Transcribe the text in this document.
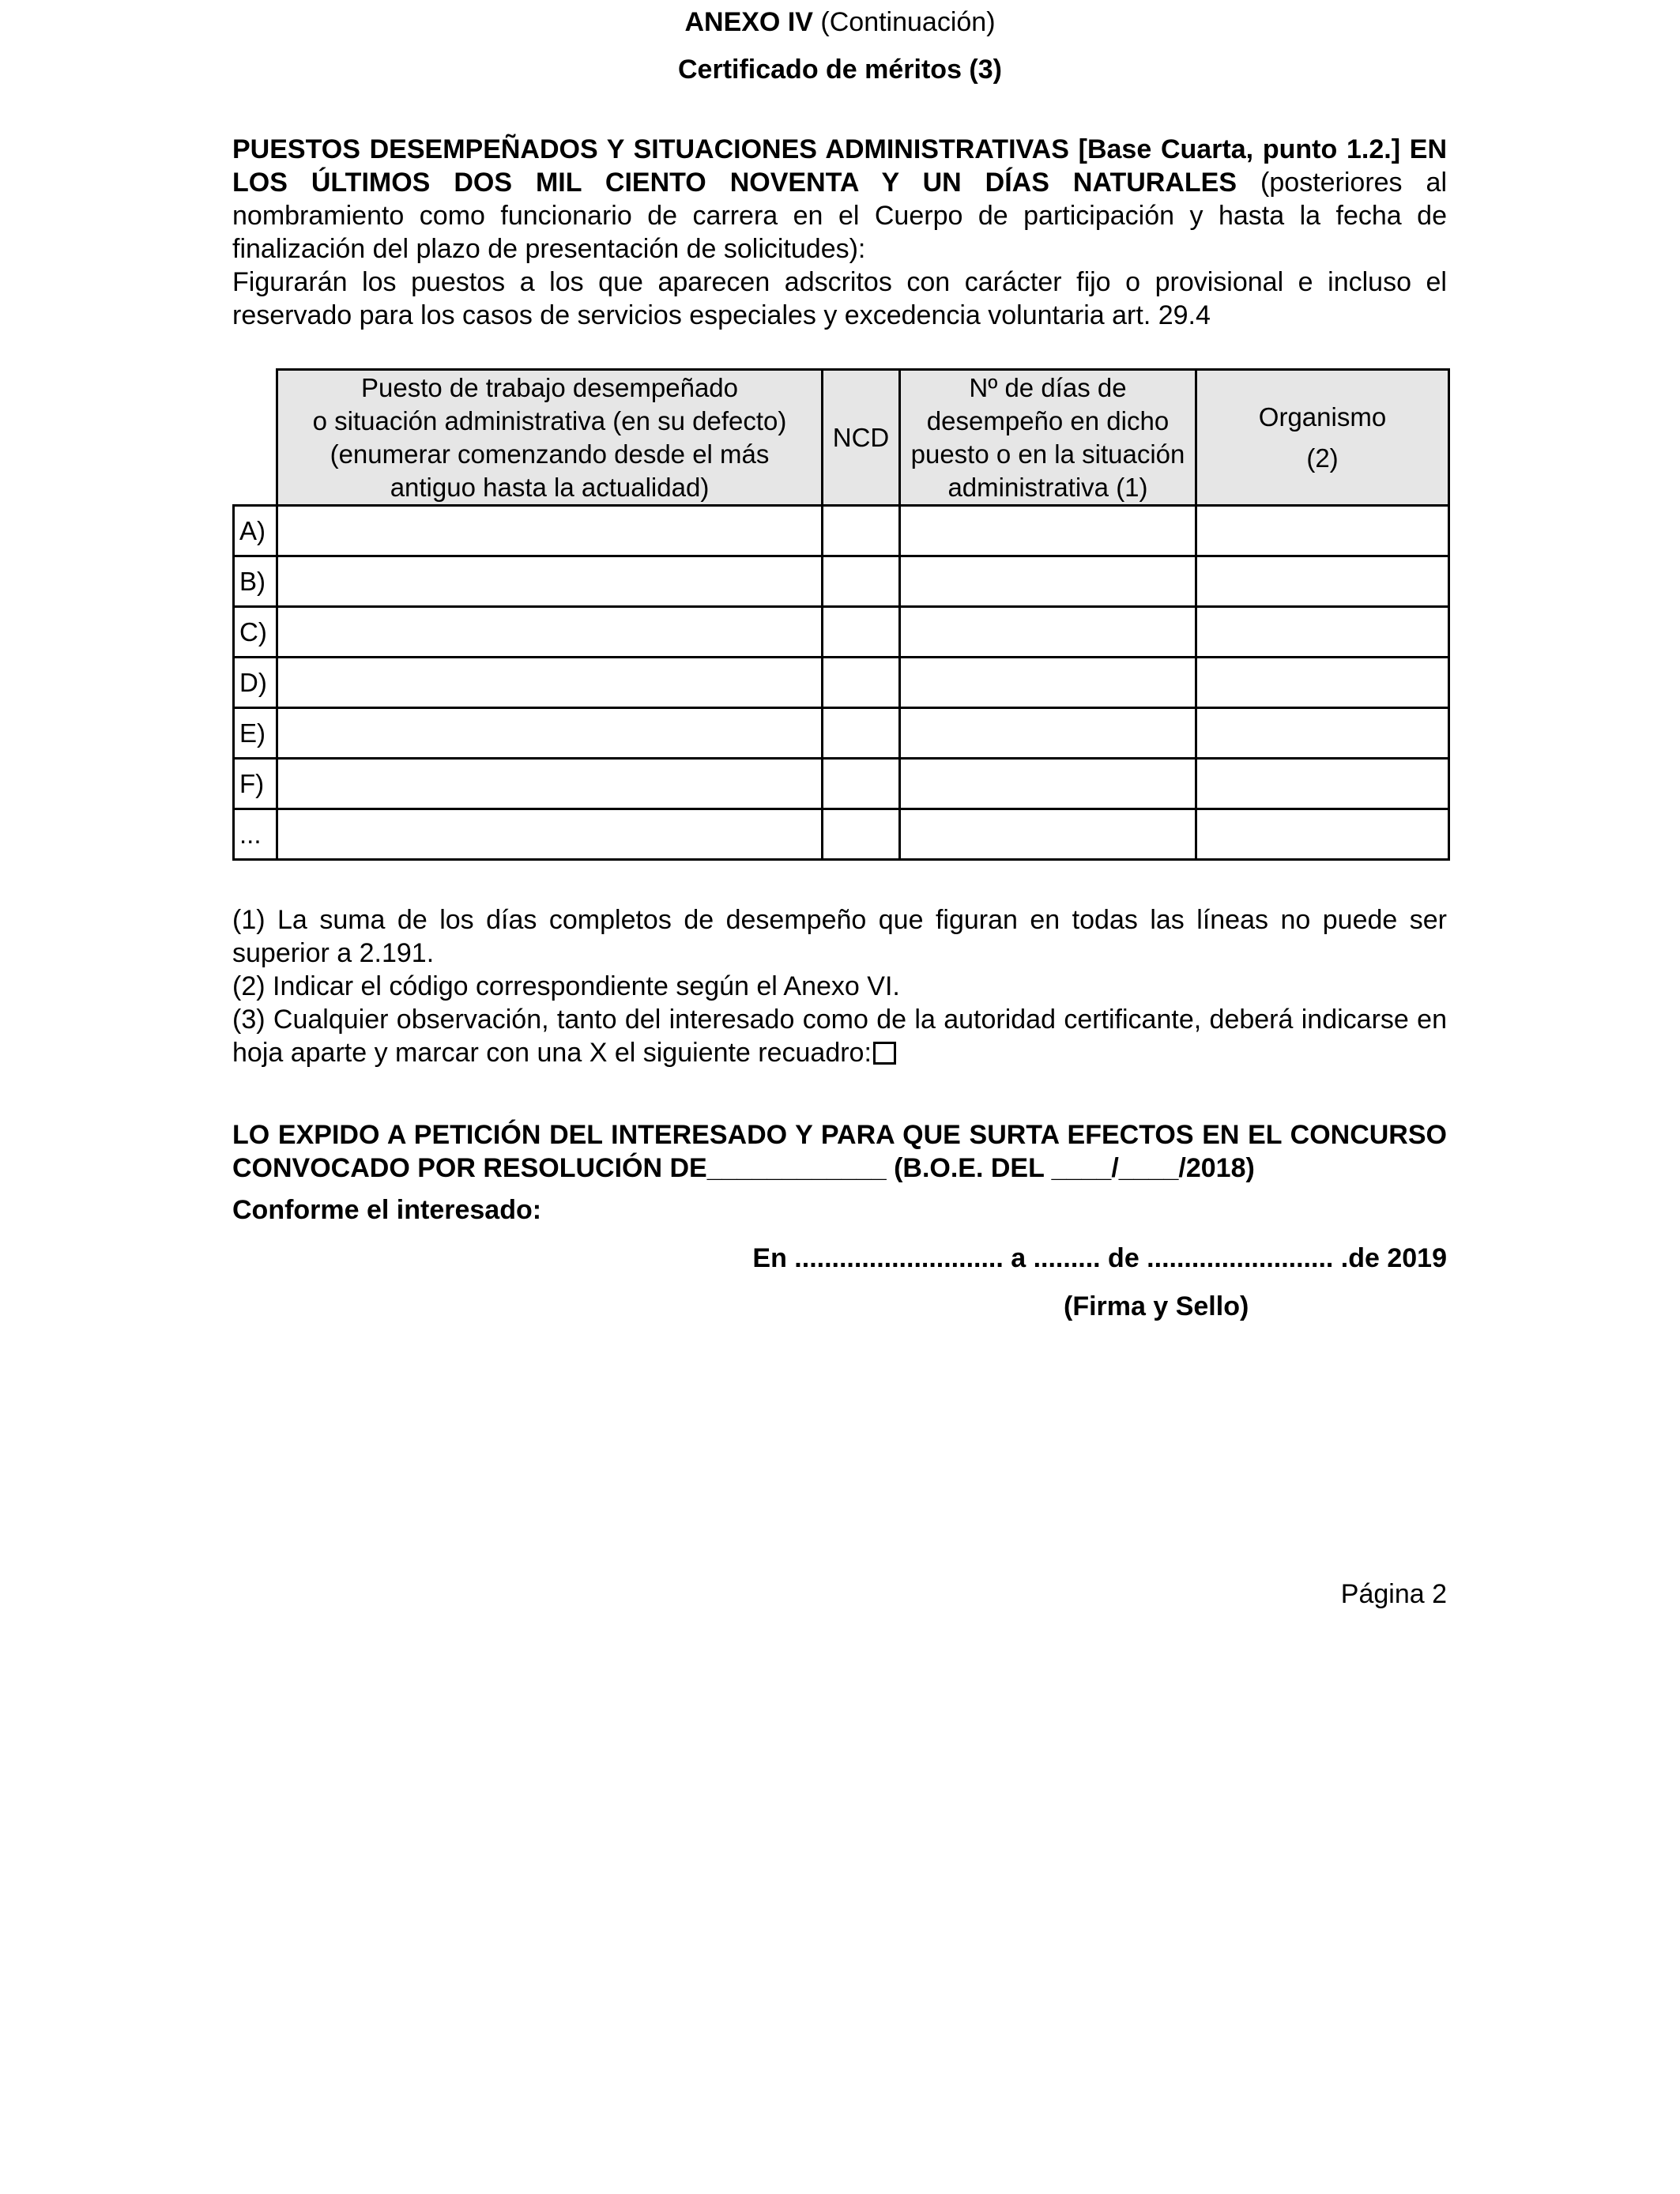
ANEXO IV (Continuación)
Certificado de méritos (3)

PUESTOS DESEMPEÑADOS Y SITUACIONES ADMINISTRATIVAS [Base Cuarta, punto 1.2.] EN LOS ÚLTIMOS DOS MIL CIENTO NOVENTA Y UN DÍAS NATURALES (posteriores al nombramiento como funcionario de carrera en el Cuerpo de participación y hasta la fecha de finalización del plazo de presentación de solicitudes):

Figurarán los puestos a los que aparecen adscritos con carácter fijo o provisional e incluso el reservado para los casos de servicios especiales y excedencia voluntaria art. 29.4

	Puesto de trabajo desempeñado
o situación administrativa (en su defecto)
(enumerar comenzando desde el más
antiguo hasta la actualidad)	NCD	Nº de días de
desempeño en dicho
puesto o en la situación
administrativa (1)	Organismo
(2)

A)				
B)				
C)				
D)				
E)				
F)				
...				

(1) La suma de los días completos de desempeño que figuran en todas las líneas no puede ser superior a 2.191.

(2) Indicar el código correspondiente según el Anexo VI.

(3) Cualquier observación, tanto del interesado como de la autoridad certificante, deberá indicarse en hoja aparte y marcar con una X el siguiente recuadro:

LO EXPIDO A PETICIÓN DEL INTERESADO Y PARA QUE SURTA EFECTOS EN EL CONCURSO CONVOCADO POR RESOLUCIÓN DE____________ (B.O.E. DEL ____/____/2018)

Conforme el interesado:
En ............................ a ......... de ......................... .de 2019
(Firma y Sello)
Página 2
